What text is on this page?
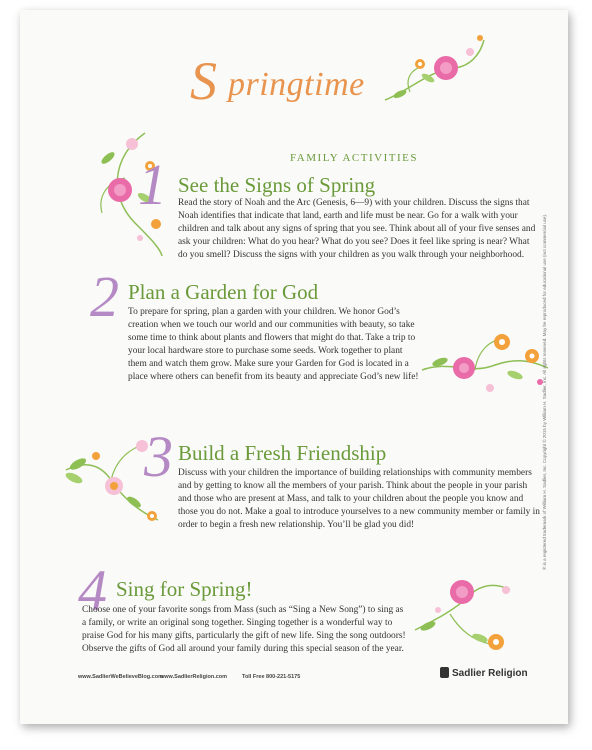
S pringtime
FAMILY ACTIVITIES
1 See the Signs of Spring
Read the story of Noah and the Arc (Genesis, 6—9) with your children. Discuss the signs that Noah identifies that indicate that land, earth and life must be near. Go for a walk with your children and talk about any signs of spring that you see. Think about all of your five senses and ask your children: What do you hear? What do you see? Does it feel like spring is near? What do you smell? Discuss the signs with your children as you walk through your neighborhood.
2 Plan a Garden for God
To prepare for spring, plan a garden with your children. We honor God’s creation when we touch our world and our communities with beauty, so take some time to think about plants and flowers that might do that. Take a trip to your local hardware store to purchase some seeds. Work together to plant them and watch them grow. Make sure your Garden for God is located in a place where others can benefit from its beauty and appreciate God’s new life!
3 Build a Fresh Friendship
Discuss with your children the importance of building relationships with community members and by getting to know all the members of your parish. Think about the people in your parish and those who are present at Mass, and talk to your children about the people you know and those you do not. Make a goal to introduce yourselves to a new community member or family in order to begin a fresh new relationship. You’ll be glad you did!
4 Sing for Spring!
Choose one of your favorite songs from Mass (such as “Sing a New Song”) to sing as a family, or write an original song together. Singing together is a wonderful way to praise God for his many gifts, particularly the gift of new life. Sing the song outdoors! Observe the gifts of God all around your family during this special season of the year.
www.SadlierWeBelieveBlog.com
www.SadlierReligion.com	Toll Free 800-221-5175	Sadlier Religion
® is a registered trademark of William H. Sadlier, Inc. Copyright © 2015 by William H. Sadlier, Inc. All rights reserved. May be reproduced for educational use (not commercial use).
